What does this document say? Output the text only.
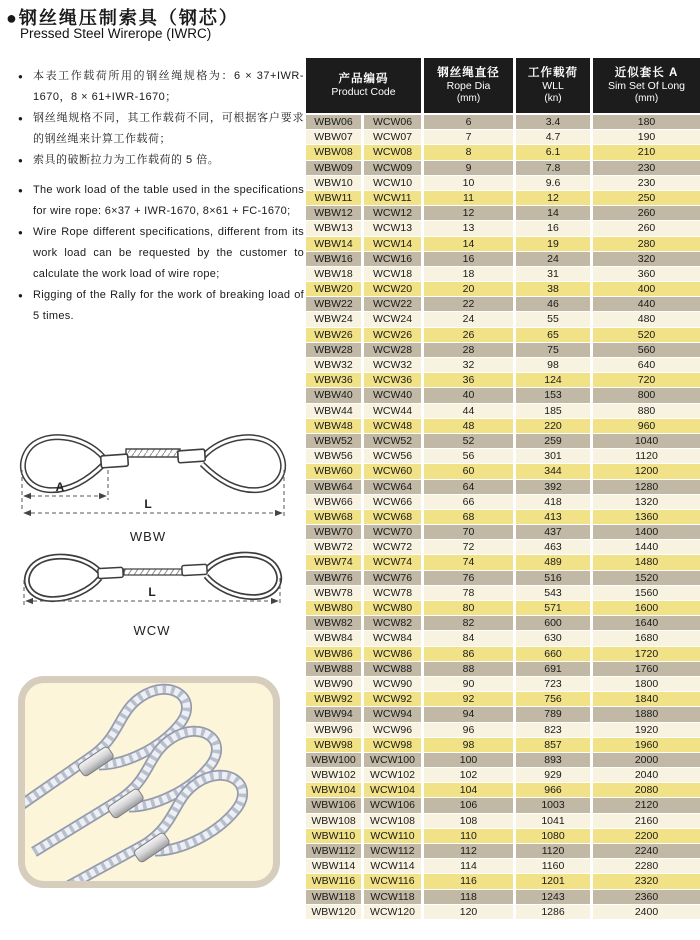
●钢丝绳压制索具（钢芯）
Pressed Steel Wirerope (IWRC)
● 本表工作载荷所用的钢丝绳规格为：6 × 37+IWR-1670，8 × 61+IWR-1670；
● 钢丝绳规格不同，其工作载荷不同，可根据客户要求的钢丝绳来计算工作载荷；
● 索具的破断拉力为工作载荷的 5 倍。
● The work load of the table used in the specifications for wire rope: 6×37 + IWR-1670, 8×61 + FC-1670;
● Wire Rope different specifications, different from its work load can be requested by the customer to calculate the work load of wire rope;
● Rigging of the Rally for the work of breaking load of 5 times.
A
L
WBW
L
WCW
产品编码
Product Code
钢丝绳直径
Rope Dia
(mm)
工作载荷
WLL
(kn)
近似套长 A
Sim Set Of Long
(mm)
WBW06	WCW06	6	3.4	180
WBW07	WCW07	7	4.7	190
WBW08	WCW08	8	6.1	210
WBW09	WCW09	9	7.8	230
WBW10	WCW10	10	9.6	230
WBW11	WCW11	11	12	250
WBW12	WCW12	12	14	260
WBW13	WCW13	13	16	260
WBW14	WCW14	14	19	280
WBW16	WCW16	16	24	320
WBW18	WCW18	18	31	360
WBW20	WCW20	20	38	400
WBW22	WCW22	22	46	440
WBW24	WCW24	24	55	480
WBW26	WCW26	26	65	520
WBW28	WCW28	28	75	560
WBW32	WCW32	32	98	640
WBW36	WCW36	36	124	720
WBW40	WCW40	40	153	800
WBW44	WCW44	44	185	880
WBW48	WCW48	48	220	960
WBW52	WCW52	52	259	1040
WBW56	WCW56	56	301	1120
WBW60	WCW60	60	344	1200
WBW64	WCW64	64	392	1280
WBW66	WCW66	66	418	1320
WBW68	WCW68	68	413	1360
WBW70	WCW70	70	437	1400
WBW72	WCW72	72	463	1440
WBW74	WCW74	74	489	1480
WBW76	WCW76	76	516	1520
WBW78	WCW78	78	543	1560
WBW80	WCW80	80	571	1600
WBW82	WCW82	82	600	1640
WBW84	WCW84	84	630	1680
WBW86	WCW86	86	660	1720
WBW88	WCW88	88	691	1760
WBW90	WCW90	90	723	1800
WBW92	WCW92	92	756	1840
WBW94	WCW94	94	789	1880
WBW96	WCW96	96	823	1920
WBW98	WCW98	98	857	1960
WBW100	WCW100	100	893	2000
WBW102	WCW102	102	929	2040
WBW104	WCW104	104	966	2080
WBW106	WCW106	106	1003	2120
WBW108	WCW108	108	1041	2160
WBW110	WCW110	110	1080	2200
WBW112	WCW112	112	1120	2240
WBW114	WCW114	114	1160	2280
WBW116	WCW116	116	1201	2320
WBW118	WCW118	118	1243	2360
WBW120	WCW120	120	1286	2400
